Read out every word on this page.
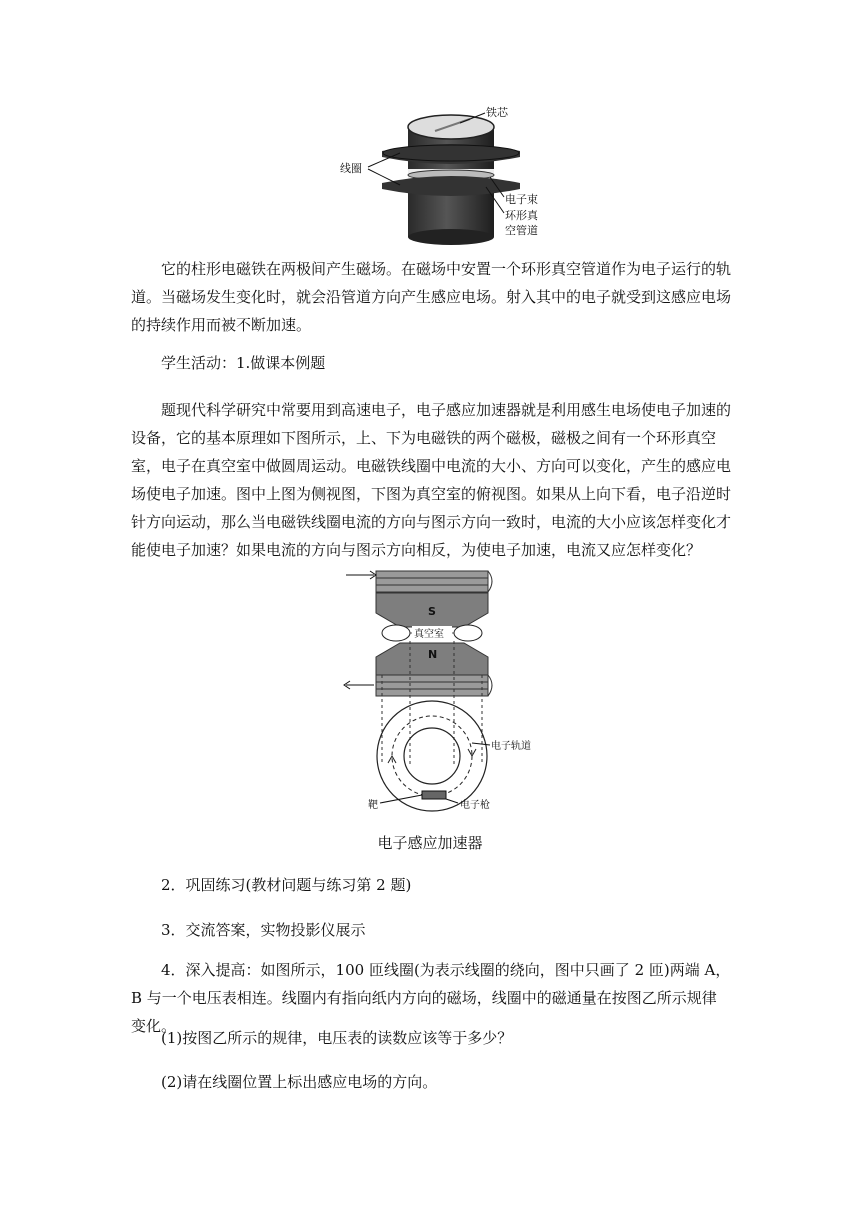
铁芯
线圈
电子束
环形真
空管道

它的柱形电磁铁在两极间产生磁场。在磁场中安置一个环形真空管道作为电子运行的轨道。当磁场发生变化时，就会沿管道方向产生感应电场。射入其中的电子就受到这感应电场的持续作用而被不断加速。

学生活动：1.做课本例题

题现代科学研究中常要用到高速电子，电子感应加速器就是利用感生电场使电子加速的设备，它的基本原理如下图所示，上、下为电磁铁的两个磁极，磁极之间有一个环形真空室，电子在真空室中做圆周运动。电磁铁线圈中电流的大小、方向可以变化，产生的感应电场使电子加速。图中上图为侧视图，下图为真空室的俯视图。如果从上向下看，电子沿逆时针方向运动，那么当电磁铁线圈电流的方向与图示方向一致时，电流的大小应该怎样变化才能使电子加速？如果电流的方向与图示方向相反，为使电子加速，电流又应怎样变化？

S
真空室
N
电子轨道
靶	电子枪
电子感应加速器

2．巩固练习(教材问题与练习第 2 题)

3．交流答案，实物投影仪展示

4．深入提高：如图所示，100 匝线圈(为表示线圈的绕向，图中只画了 2 匝)两端 A，B 与一个电压表相连。线圈内有指向纸内方向的磁场，线圈中的磁通量在按图乙所示规律变化。

(1)按图乙所示的规律，电压表的读数应该等于多少？

(2)请在线圈位置上标出感应电场的方向。
